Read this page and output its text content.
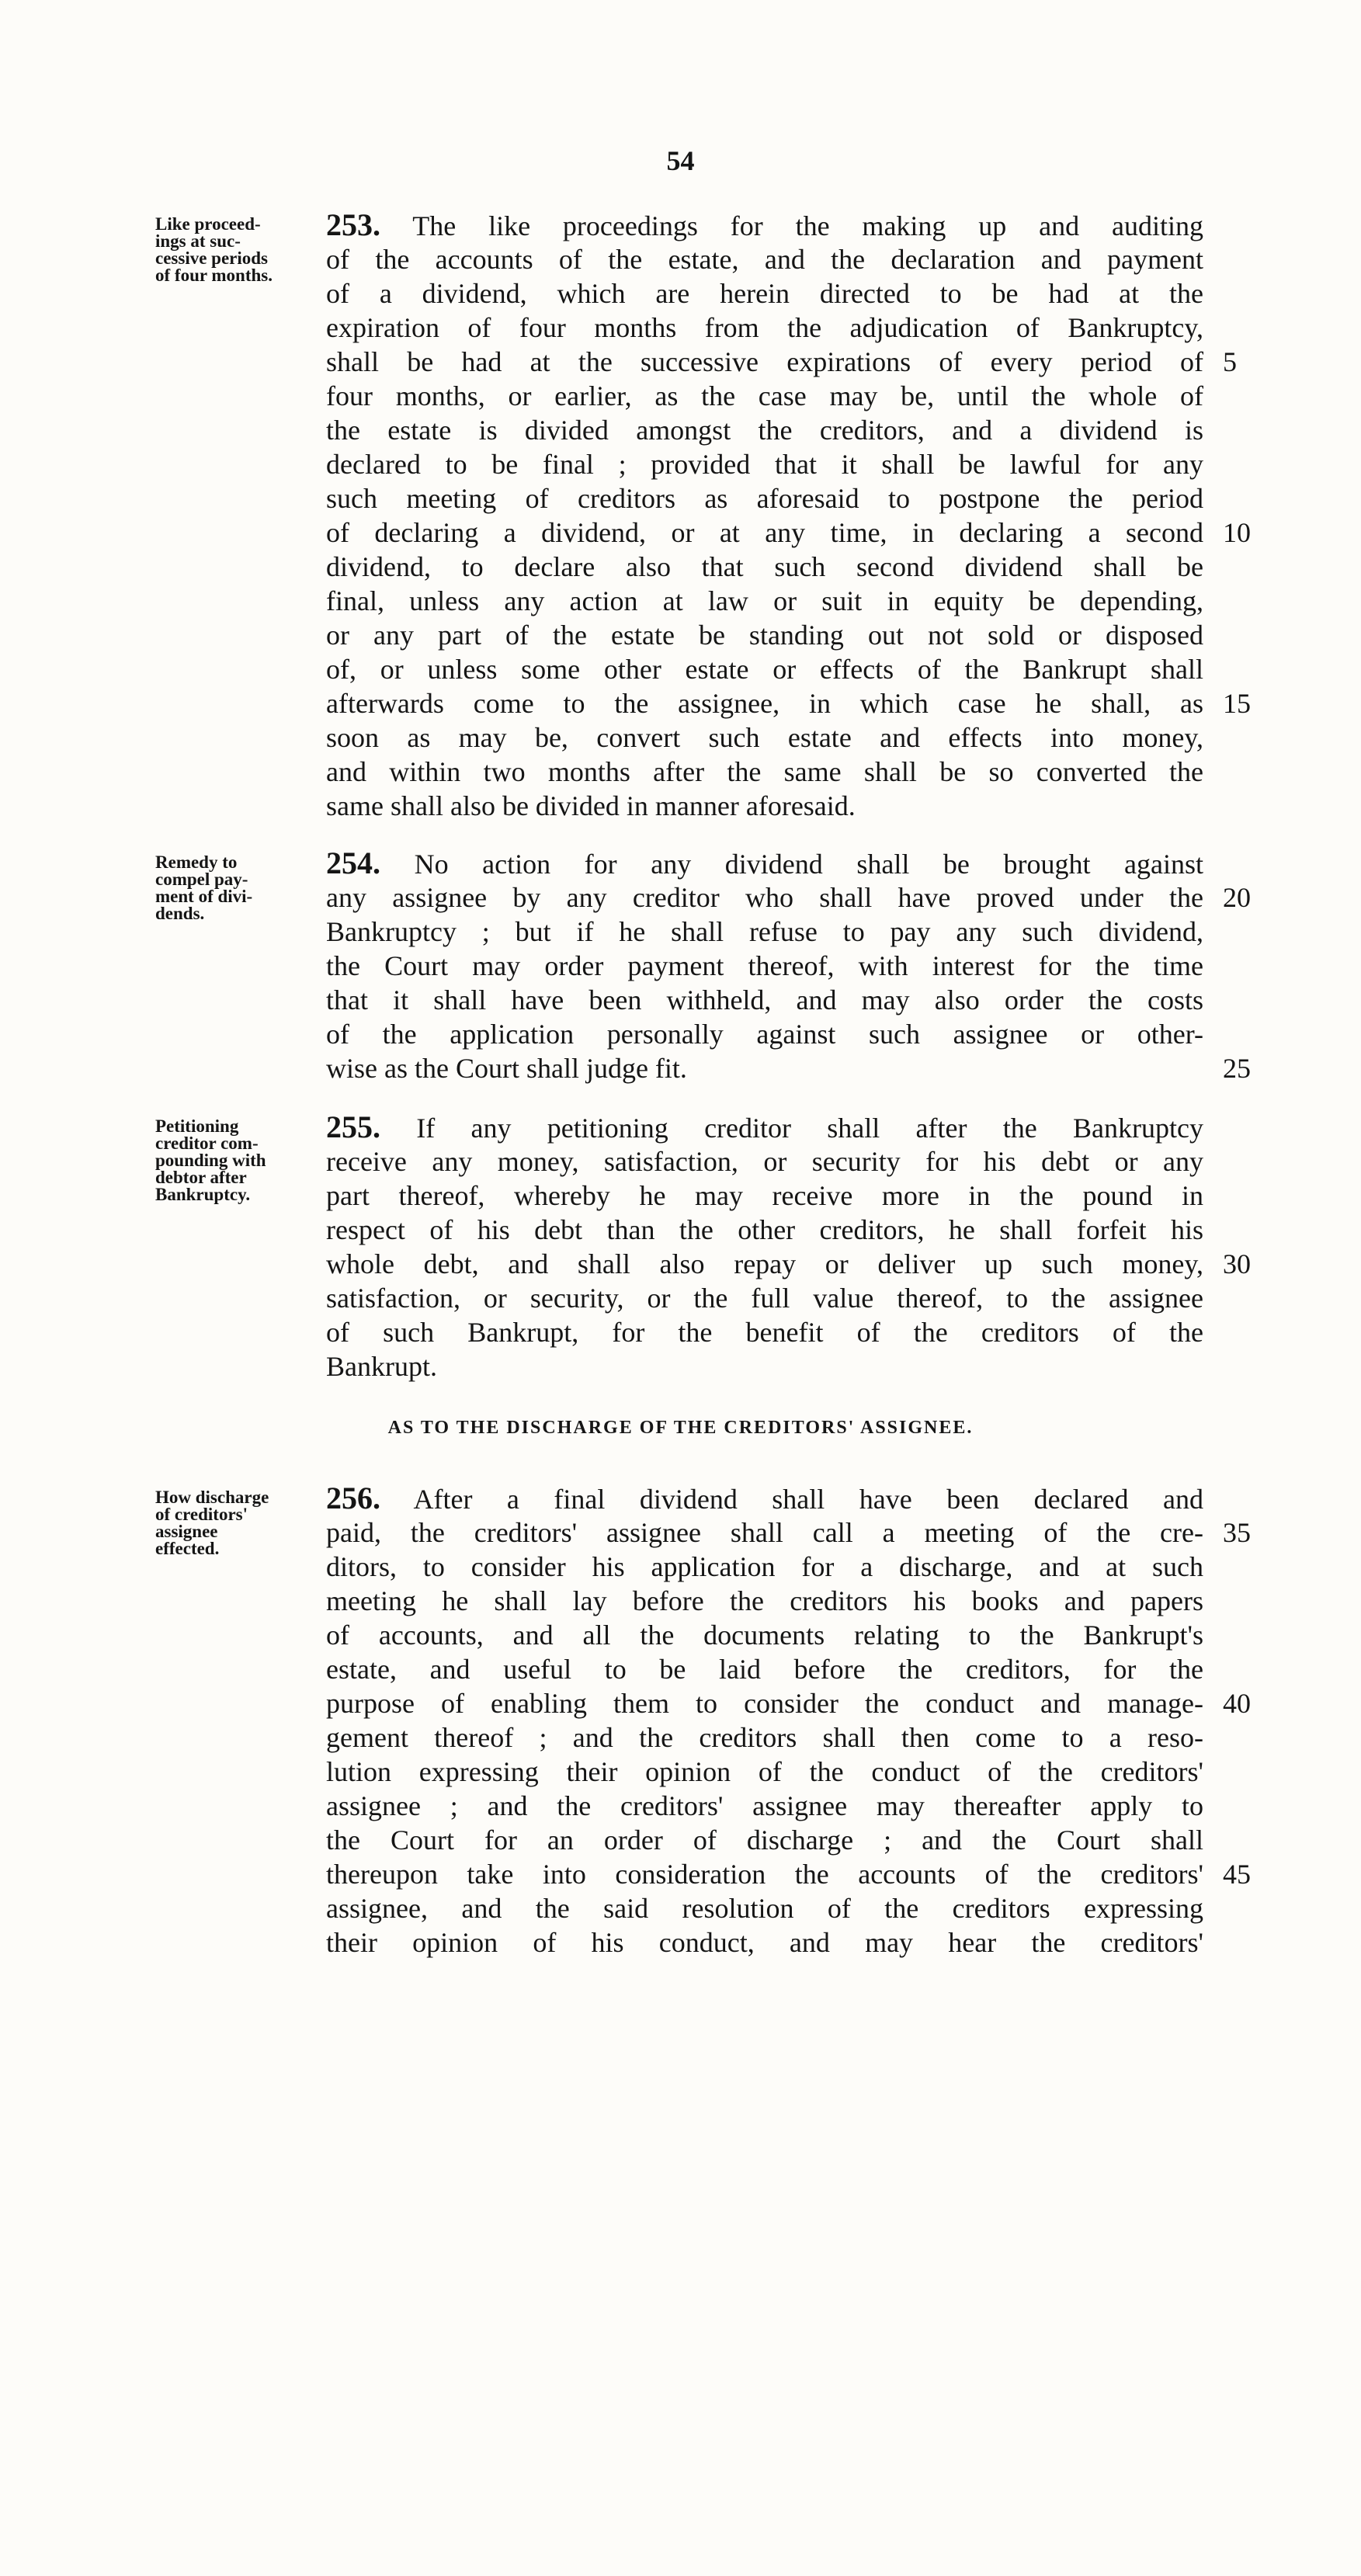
54
Like proceed-
ings at suc-
cessive periods
of four months.
253. The like proceedings for the making up and auditing
of the accounts of the estate, and the declaration and payment
of a dividend, which are herein directed to be had at the
expiration of four months from the adjudication of Bankruptcy,
shall be had at the successive expirations of every period of
four months, or earlier, as the case may be, until the whole of
the estate is divided amongst the creditors, and a dividend is
declared to be final ; provided that it shall be lawful for any
such meeting of creditors as aforesaid to postpone the period
of declaring a dividend, or at any time, in declaring a second
dividend, to declare also that such second dividend shall be
final, unless any action at law or suit in equity be depending,
or any part of the estate be standing out not sold or disposed
of, or unless some other estate or effects of the Bankrupt shall
afterwards come to the assignee, in which case he shall, as
soon as may be, convert such estate and effects into money,
and within two months after the same shall be so converted the
same shall also be divided in manner aforesaid.
5
10
15
Remedy to
compel pay-
ment of divi-
dends.
254. No action for any dividend shall be brought against
any assignee by any creditor who shall have proved under the
Bankruptcy ; but if he shall refuse to pay any such dividend,
the Court may order payment thereof, with interest for the time
that it shall have been withheld, and may also order the costs
of the application personally against such assignee or other-
wise as the Court shall judge fit.
20
25
Petitioning
creditor com-
pounding with
debtor after
Bankruptcy.
255. If any petitioning creditor shall after the Bankruptcy
receive any money, satisfaction, or security for his debt or any
part thereof, whereby he may receive more in the pound in
respect of his debt than the other creditors, he shall forfeit his
whole debt, and shall also repay or deliver up such money,
satisfaction, or security, or the full value thereof, to the assignee
of such Bankrupt, for the benefit of the creditors of the
Bankrupt.
30
AS TO THE DISCHARGE OF THE CREDITORS' ASSIGNEE.
How discharge
of creditors'
assignee
effected.
256. After a final dividend shall have been declared and
paid, the creditors' assignee shall call a meeting of the cre-
ditors, to consider his application for a discharge, and at such
meeting he shall lay before the creditors his books and papers
of accounts, and all the documents relating to the Bankrupt's
estate, and useful to be laid before the creditors, for the
purpose of enabling them to consider the conduct and manage-
gement thereof ; and the creditors shall then come to a reso-
lution expressing their opinion of the conduct of the creditors'
assignee ; and the creditors' assignee may thereafter apply to
the Court for an order of discharge ; and the Court shall
thereupon take into consideration the accounts of the creditors'
assignee, and the said resolution of the creditors expressing
their opinion of his conduct, and may hear the creditors'
35
40
45
